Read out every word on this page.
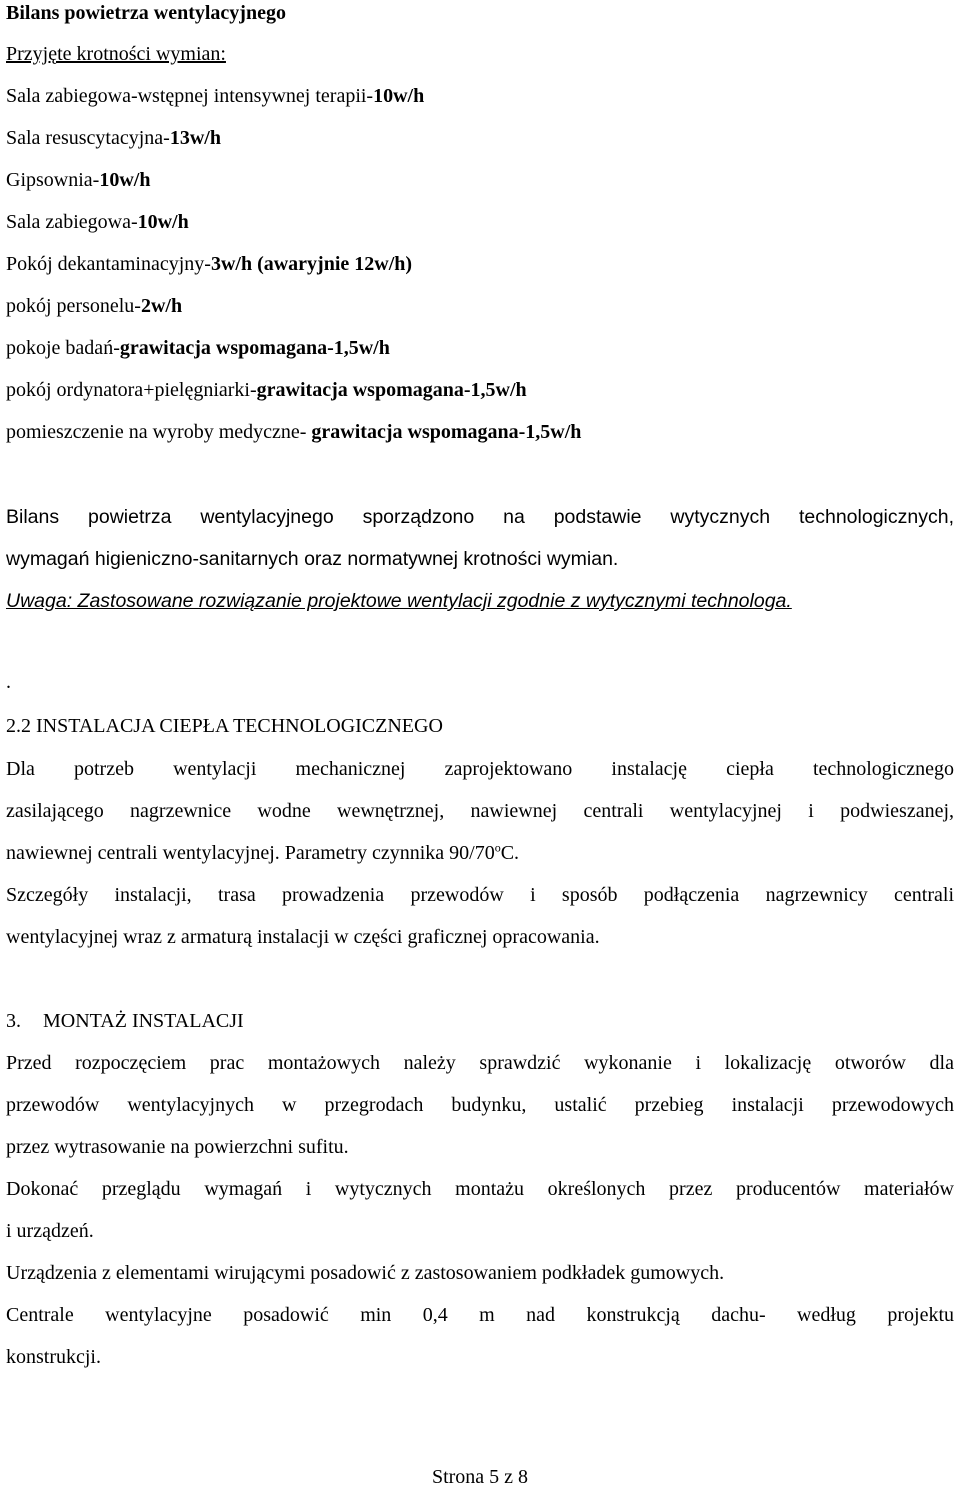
Bilans powietrza wentylacyjnego
Przyjęte krotności wymian:
Sala zabiegowa-wstępnej intensywnej terapii-10w/h
Sala resuscytacyjna-13w/h
Gipsownia-10w/h
Sala zabiegowa-10w/h
Pokój dekantaminacyjny-3w/h (awaryjnie 12w/h)
pokój personelu-2w/h
pokoje badań-grawitacja wspomagana-1,5w/h
pokój ordynatora+pielęgniarki-grawitacja wspomagana-1,5w/h
pomieszczenie na wyroby medyczne- grawitacja wspomagana-1,5w/h
Bilans powietrza wentylacyjnego sporządzono na podstawie wytycznych technologicznych,
wymagań higieniczno-sanitarnych oraz normatywnej krotności wymian.
Uwaga: Zastosowane rozwiązanie projektowe wentylacji zgodnie z wytycznymi technologa.
.
2.2 INSTALACJA CIEPŁA TECHNOLOGICZNEGO
Dla potrzeb wentylacji mechanicznej zaprojektowano instalację ciepła technologicznego
zasilającego nagrzewnice wodne wewnętrznej, nawiewnej centrali wentylacyjnej i podwieszanej,
nawiewnej centrali wentylacyjnej. Parametry czynnika 90/70$^o$C.
Szczegóły instalacji, trasa prowadzenia przewodów i sposób podłączenia nagrzewnicy centrali
wentylacyjnej wraz z armaturą instalacji w części graficznej opracowania.
3. MONTAŻ INSTALACJI
Przed rozpoczęciem prac montażowych należy sprawdzić wykonanie i lokalizację otworów dla
przewodów wentylacyjnych w przegrodach budynku, ustalić przebieg instalacji przewodowych
przez wytrasowanie na powierzchni sufitu.
Dokonać przeglądu wymagań i wytycznych montażu określonych przez producentów materiałów
i urządzeń.
Urządzenia z elementami wirującymi posadowić z zastosowaniem podkładek gumowych.
Centrale wentylacyjne posadowić min 0,4 m nad konstrukcją dachu- według projektu
konstrukcji.
Strona 5 z 8
